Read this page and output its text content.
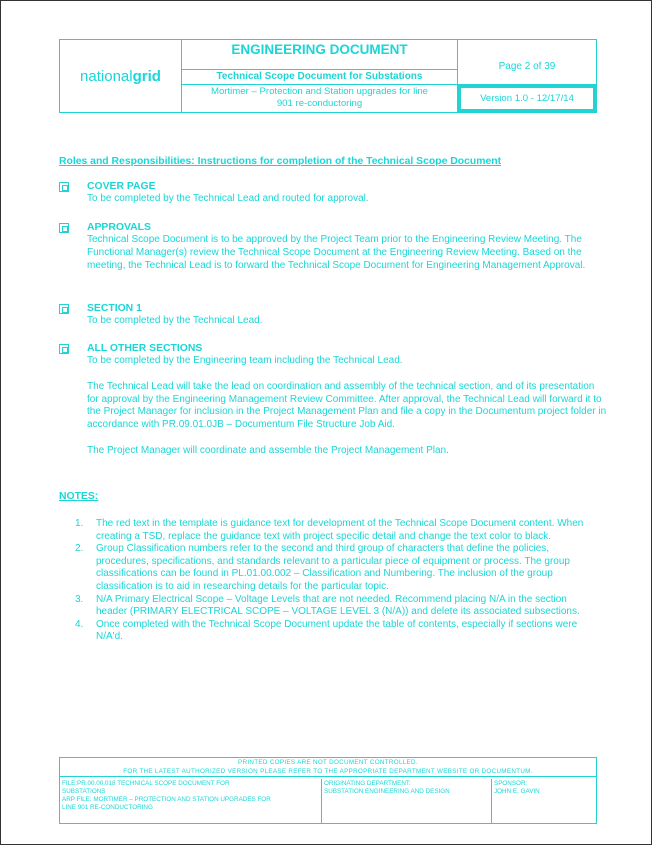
national grid
ENGINEERING DOCUMENT
Page 2 of 39
Technical Scope Document for Substations
Mortimer – Protection and Station upgrades for line 901 re-conductoring	Version 1.0 - 12/17/14
Roles and Responsibilities: Instructions for completion of the Technical Scope Document
COVER PAGE

To be completed by the Technical Lead and routed for approval.

APPROVALS

Technical Scope Document is to be approved by the Project Team prior to the Engineering Review Meeting. The Functional Manager(s) review the Technical Scope Document at the Engineering Review Meeting. Based on the meeting, the Technical Lead is to forward the Technical Scope Document for Engineering Management Approval.

SECTION 1

To be completed by the Technical Lead.

ALL OTHER SECTIONS

To be completed by the Engineering team including the Technical Lead.

The Technical Lead will take the lead on coordination and assembly of the technical section, and of its presentation for approval by the Engineering Management Review Committee. After approval, the Technical Lead will forward it to the Project Manager for inclusion in the Project Management Plan and file a copy in the Documentum project folder in accordance with PR.09.01.0JB – Documentum File Structure Job Aid.

The Project Manager will coordinate and assemble the Project Management Plan.

NOTES:
1. The red text in the template is guidance text for development of the Technical Scope Document content. When creating a TSD, replace the guidance text with project specific detail and change the text color to black.
2. Group Classification numbers refer to the second and third group of characters that define the policies, procedures, specifications, and standards relevant to a particular piece of equipment or process. The group classifications can be found in PL.01.00.002 – Classification and Numbering. The inclusion of the group classification is to aid in researching details for the particular topic.
3. N/A Primary Electrical Scope – Voltage Levels that are not needed. Recommend placing N/A in the section header (PRIMARY ELECTRICAL SCOPE – VOLTAGE LEVEL 3 (N/A)) and delete its associated subsections.
4. Once completed with the Technical Scope Document update the table of contents, especially if sections were N/A'd.
PRINTED COPIES ARE NOT DOCUMENT CONTROLLED.
FOR THE LATEST AUTHORIZED VERSION PLEASE REFER TO THE APPROPRIATE DEPARTMENT WEBSITE OR DOCUMENTUM.
FILE:PR.00.00.018 TECHNICAL SCOPE DOCUMENT FOR
SUBSTATIONS
ARP FILE: MORTIMER – PROTECTION AND STATION UPGRADES FOR
LINE 901 RE-CONDUCTORING
ORIGINATING DEPARTMENT:
SUBSTATION ENGINEERING AND DESIGN
SPONSOR:
JOHN E. GAVIN
